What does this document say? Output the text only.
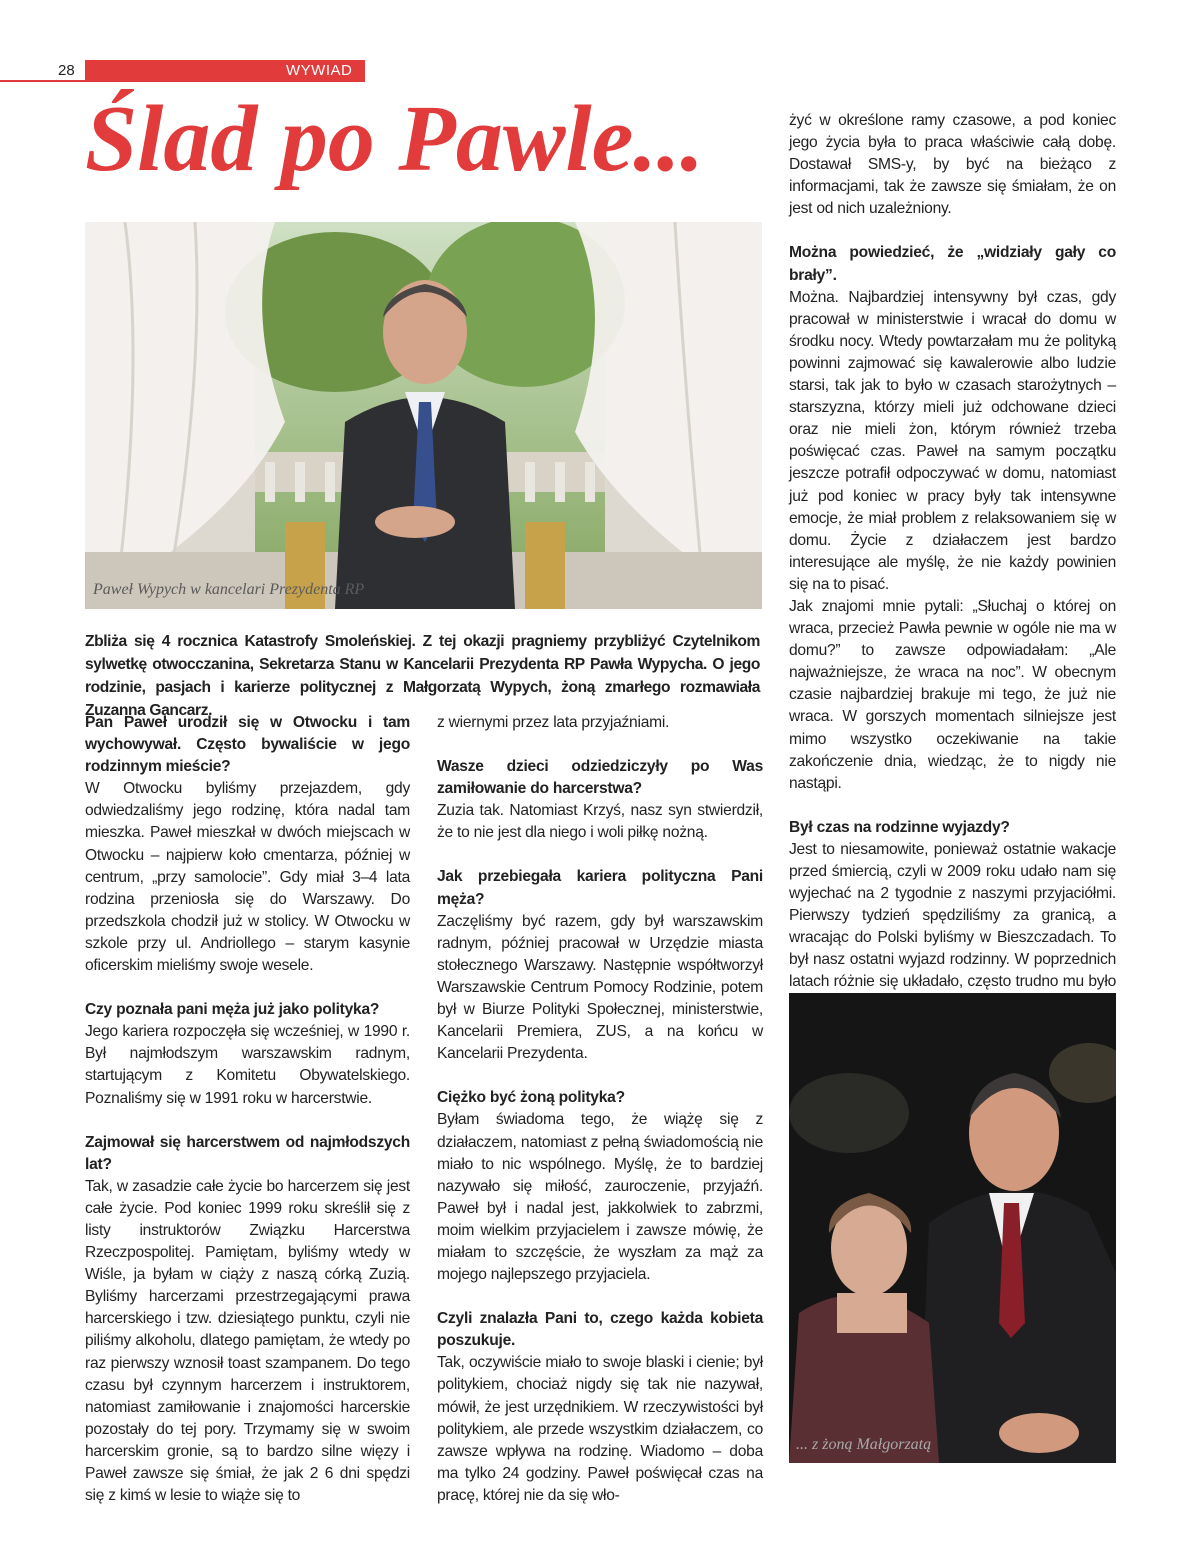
28	WYWIAD
Ślad po Pawle...
Paweł Wypych w kancelari Prezydenta RP
Zbliża się 4 rocznica Katastrofy Smoleńskiej. Z tej okazji pragniemy przybliżyć Czytelnikom sylwetkę otwocczanina, Sekretarza Stanu w Kancelarii Prezydenta RP Pawła Wypycha. O jego rodzinie, pasjach i karierze politycznej z Małgorzatą Wypych, żoną zmarłego rozmawiała Zuzanna Gancarz.

Pan Paweł urodził się w Otwocku i tam wychowywał. Często bywaliście w jego rodzinnym mieście?

W Otwocku byliśmy przejazdem, gdy odwiedzaliśmy jego rodzinę, która nadal tam mieszka. Paweł mieszkał w dwóch miejscach w Otwocku – najpierw koło cmentarza, później w centrum, „przy samolocie”. Gdy miał 3–4 lata rodzina przeniosła się do Warszawy. Do przedszkola chodził już w stolicy. W Otwocku w szkole przy ul. Andriollego – starym kasynie oficerskim mieliśmy swoje wesele.

Czy poznała pani męża już jako polityka?

Jego kariera rozpoczęła się wcześniej, w 1990 r. Był najmłodszym warszawskim radnym, startującym z Komitetu Obywatelskiego. Poznaliśmy się w 1991 roku w harcerstwie.

Zajmował się harcerstwem od najmłodszych lat?

Tak, w zasadzie całe życie bo harcerzem się jest całe życie. Pod koniec 1999 roku skreślił się z listy instruktorów Związku Harcerstwa Rzeczpospolitej. Pamiętam, byliśmy wtedy w Wiśle, ja byłam w ciąży z naszą córką Zuzią. Byliśmy harcerzami przestrzegającymi prawa harcerskiego i tzw. dziesiątego punktu, czyli nie piliśmy alkoholu, dlatego pamiętam, że wtedy po raz pierwszy wznosił toast szampanem. Do tego czasu był czynnym harcerzem i instruktorem, natomiast zamiłowanie i znajomości harcerskie pozostały do tej pory. Trzymamy się w swoim harcerskim gronie, są to bardzo silne więzy i Paweł zawsze się śmiał, że jak 2 6 dni spędzi się z kimś w lesie to wiąże się to

z wiernymi przez lata przyjaźniami.

Wasze dzieci odziedziczyły po Was zamiłowanie do harcerstwa?

Zuzia tak. Natomiast Krzyś, nasz syn stwierdził, że to nie jest dla niego i woli piłkę nożną.

Jak przebiegała kariera polityczna Pani męża?

Zaczęliśmy być razem, gdy był warszawskim radnym, później pracował w Urzędzie miasta stołecznego Warszawy. Następnie współtworzył Warszawskie Centrum Pomocy Rodzinie, potem był w Biurze Polityki Społecznej, ministerstwie, Kancelarii Premiera, ZUS, a na końcu w Kancelarii Prezydenta.

Ciężko być żoną polityka?

Byłam świadoma tego, że wiążę się z działaczem, natomiast z pełną świadomością nie miało to nic wspólnego. Myślę, że to bardziej nazywało się miłość, zauroczenie, przyjaźń. Paweł był i nadal jest, jakkolwiek to zabrzmi, moim wielkim przyjacielem i zawsze mówię, że miałam to szczęście, że wyszłam za mąż za mojego najlepszego przyjaciela.

Czyli znalazła Pani to, czego każda kobieta poszukuje.

Tak, oczywiście miało to swoje blaski i cienie; był politykiem, chociaż nigdy się tak nie nazywał, mówił, że jest urzędnikiem. W rzeczywistości był politykiem, ale przede wszystkim działaczem, co zawsze wpływa na rodzinę. Wiadomo – doba ma tylko 24 godziny. Paweł poświęcał czas na pracę, której nie da się wło-

żyć w określone ramy czasowe, a pod koniec jego życia była to praca właściwie całą dobę. Dostawał SMS-y, by być na bieżąco z informacjami, tak że zawsze się śmiałam, że on jest od nich uzależniony.

Można powiedzieć, że „widziały gały co brały”.

Można. Najbardziej intensywny był czas, gdy pracował w ministerstwie i wracał do domu w środku nocy. Wtedy powtarzałam mu że polityką powinni zajmować się kawalerowie albo ludzie starsi, tak jak to było w czasach starożytnych – starszyzna, którzy mieli już odchowane dzieci oraz nie mieli żon, którym również trzeba poświęcać czas. Paweł na samym początku jeszcze potrafił odpoczywać w domu, natomiast już pod koniec w pracy były tak intensywne emocje, że miał problem z relaksowaniem się w domu. Życie z działaczem jest bardzo interesujące ale myślę, że nie każdy powinien się na to pisać.

Jak znajomi mnie pytali: „Słuchaj o której on wraca, przecież Pawła pewnie w ogóle nie ma w domu?” to zawsze odpowiadałam: „Ale najważniejsze, że wraca na noc”. W obecnym czasie najbardziej brakuje mi tego, że już nie wraca. W gorszych momentach silniejsze jest mimo wszystko oczekiwanie na takie zakończenie dnia, wiedząc, że to nigdy nie nastąpi.

Był czas na rodzinne wyjazdy?

Jest to niesamowite, ponieważ ostatnie wakacje przed śmiercią, czyli w 2009 roku udało nam się wyjechać na 2 tygodnie z naszymi przyjaciółmi. Pierwszy tydzień spędziliśmy za granicą, a wracając do Polski byliśmy w Bieszczadach. To był nasz ostatni wyjazd rodzinny. W poprzednich latach różnie się układało, często trudno mu było

... z żoną Małgorzatą
